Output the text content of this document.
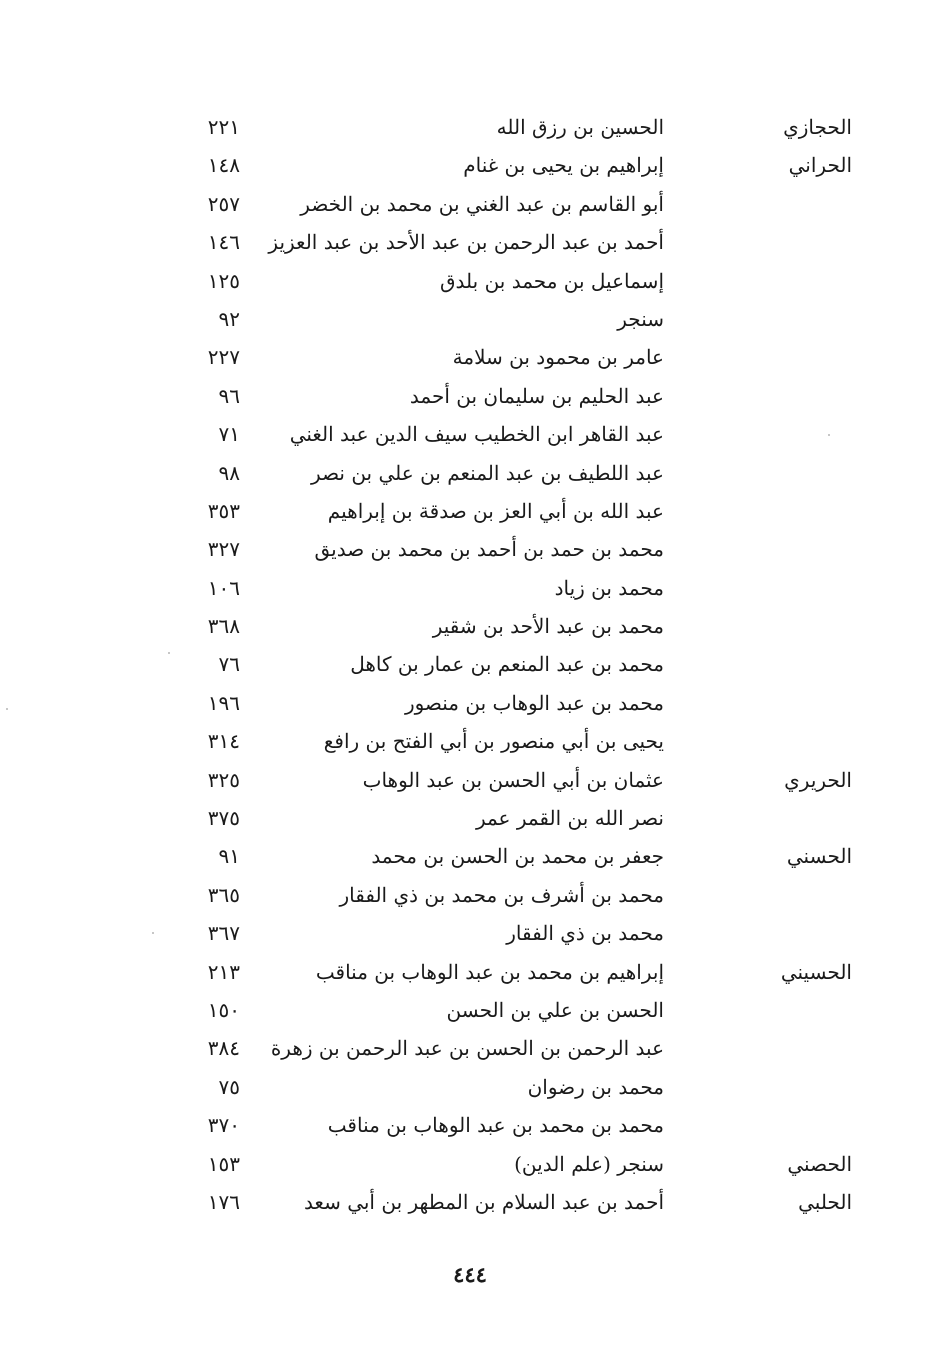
الحجازي
الحسين بن رزق الله
٢٢١
الحراني
إبراهيم بن يحيى بن غنام
١٤٨
أبو القاسم بن عبد الغني بن محمد بن الخضر
٢٥٧
أحمد بن عبد الرحمن بن عبد الأحد بن عبد العزيز
١٤٦
إسماعيل بن محمد بن بلدق
١٢٥
سنجر
٩٢
عامر بن محمود بن سلامة
٢٢٧
عبد الحليم بن سليمان بن أحمد
٩٦
عبد القاهر ابن الخطيب سيف الدين عبد الغني
٧١
عبد اللطيف بن عبد المنعم بن علي بن نصر
٩٨
عبد الله بن أبي العز بن صدقة بن إبراهيم
٣٥٣
محمد بن حمد بن أحمد بن محمد بن صديق
٣٢٧
محمد بن زياد
١٠٦
محمد بن عبد الأحد بن شقير
٣٦٨
محمد بن عبد المنعم بن عمار بن كاهل
٧٦
محمد بن عبد الوهاب بن منصور
١٩٦
يحيى بن أبي منصور بن أبي الفتح بن رافع
٣١٤
الحريري
عثمان بن أبي الحسن بن عبد الوهاب
٣٢٥
نصر الله بن القمر عمر
٣٧٥
الحسني
جعفر بن محمد بن الحسن بن محمد
٩١
محمد بن أشرف بن محمد بن ذي الفقار
٣٦٥
محمد بن ذي الفقار
٣٦٧
الحسيني
إبراهيم بن محمد بن عبد الوهاب بن مناقب
٢١٣
الحسن بن علي بن الحسن
١٥٠
عبد الرحمن بن الحسن بن عبد الرحمن بن زهرة
٣٨٤
محمد بن رضوان
٧٥
محمد بن محمد بن عبد الوهاب بن مناقب
٣٧٠
الحصني
سنجر (علم الدين)
١٥٣
الحلبي
أحمد بن عبد السلام بن المطهر بن أبي سعد
١٧٦
٤٤٤
